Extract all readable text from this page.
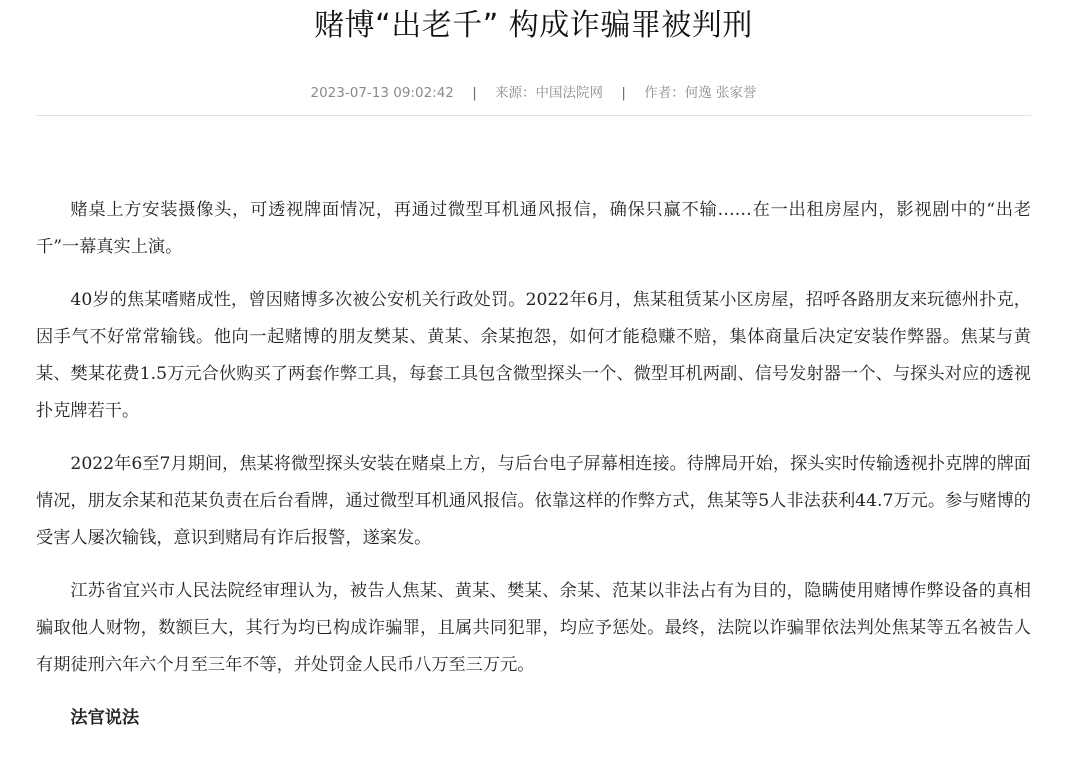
赌博“出老千” 构成诈骗罪被判刑
2023-07-13 09:02:42 | 来源：中国法院网 | 作者：何逸 张家誉

赌桌上方安装摄像头，可透视牌面情况，再通过微型耳机通风报信，确保只赢不输……在一出租房屋内，影视剧中的“出老千”一幕真实上演。

40岁的焦某嗜赌成性，曾因赌博多次被公安机关行政处罚。2022年6月，焦某租赁某小区房屋，招呼各路朋友来玩德州扑克，因手气不好常常输钱。他向一起赌博的朋友樊某、黄某、余某抱怨，如何才能稳赚不赔，集体商量后决定安装作弊器。焦某与黄某、樊某花费1.5万元合伙购买了两套作弊工具，每套工具包含微型探头一个、微型耳机两副、信号发射器一个、与探头对应的透视扑克牌若干。

2022年6至7月期间，焦某将微型探头安装在赌桌上方，与后台电子屏幕相连接。待牌局开始，探头实时传输透视扑克牌的牌面情况，朋友余某和范某负责在后台看牌，通过微型耳机通风报信。依靠这样的作弊方式，焦某等5人非法获利44.7万元。参与赌博的受害人屡次输钱，意识到赌局有诈后报警，遂案发。

江苏省宜兴市人民法院经审理认为，被告人焦某、黄某、樊某、余某、范某以非法占有为目的，隐瞒使用赌博作弊设备的真相骗取他人财物，数额巨大，其行为均已构成诈骗罪，且属共同犯罪，均应予惩处。最终，法院以诈骗罪依法判处焦某等五名被告人有期徒刑六年六个月至三年不等，并处罚金人民币八万至三万元。

法官说法
